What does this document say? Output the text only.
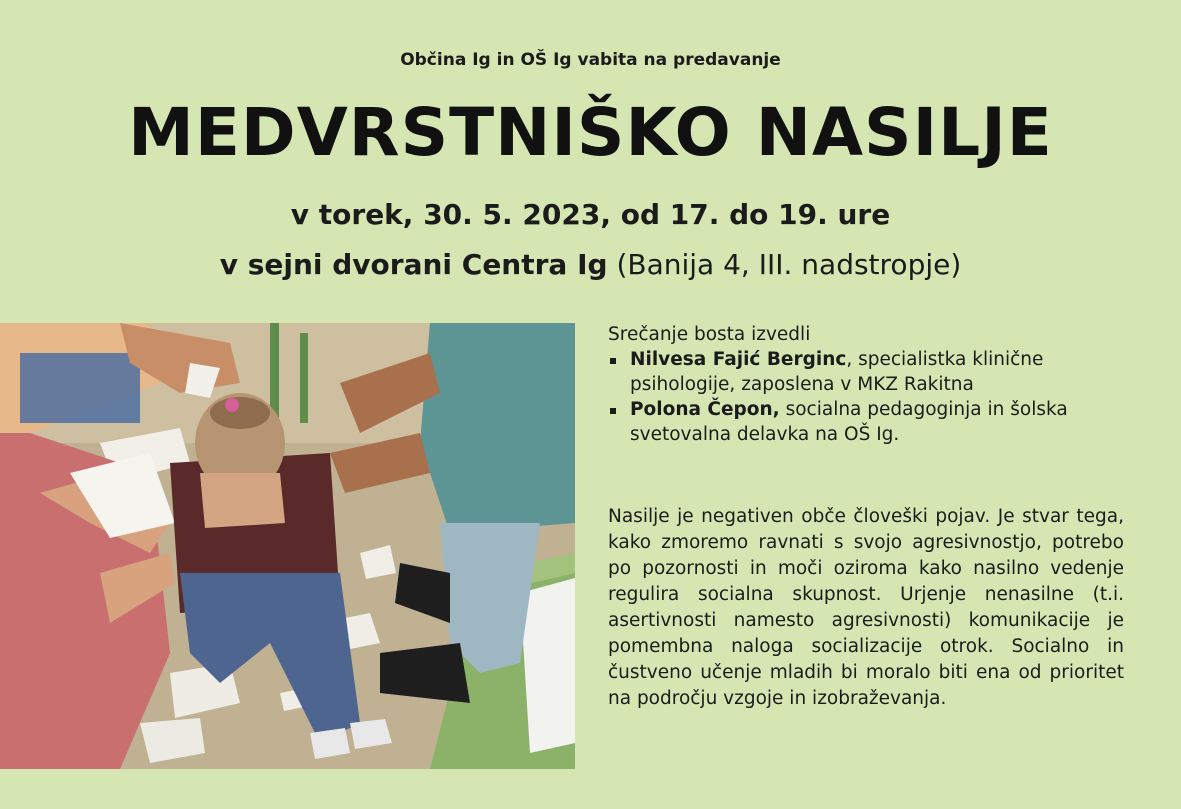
Občina Ig in OŠ Ig vabita na predavanje
MEDVRSTNIŠKO NASILJE
v torek, 30. 5. 2023, od 17. do 19. ure
v sejni dvorani Centra Ig (Banija 4, III. nadstropje)
Srečanje bosta izvedli
Nilvesa Fajić Berginc, specialistka klinične psihologije, zaposlena v MKZ Rakitna
Polona Čepon, socialna pedagoginja in šolska svetovalna delavka na OŠ Ig.
Nasilje je negativen obče človeški pojav. Je stvar tega, kako zmoremo ravnati s svojo agresivnostjo, potrebo po pozornosti in moči oziroma kako nasilno vedenje regulira socialna skupnost. Urjenje nenasilne (t.i. asertivnosti namesto agresivnosti) komunikacije je pomembna naloga socializacije otrok. Socialno in čustveno učenje mladih bi moralo biti ena od prioritet na področju vzgoje in izobraževanja.
